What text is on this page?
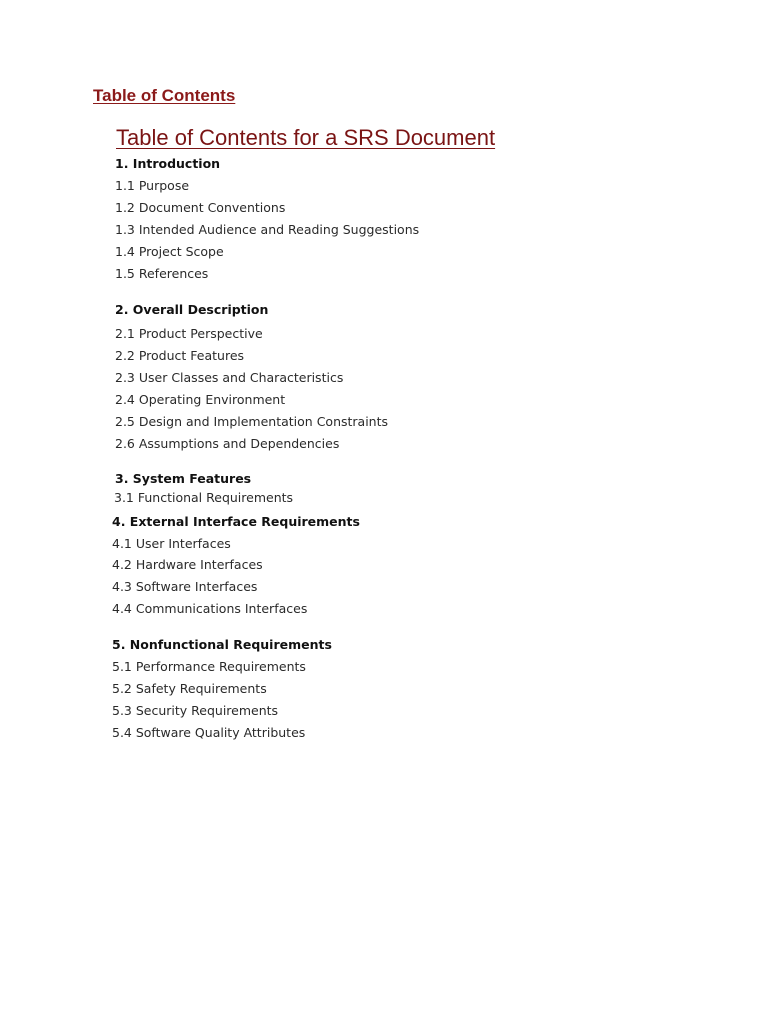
Table of Contents
Table of Contents for a SRS Document
1. Introduction
1.1 Purpose
1.2 Document Conventions
1.3 Intended Audience and Reading Suggestions
1.4 Project Scope
1.5 References
2. Overall Description
2.1 Product Perspective
2.2 Product Features
2.3 User Classes and Characteristics
2.4 Operating Environment
2.5 Design and Implementation Constraints
2.6 Assumptions and Dependencies
3. System Features
3.1 Functional Requirements
4. External Interface Requirements
4.1 User Interfaces
4.2 Hardware Interfaces
4.3 Software Interfaces
4.4 Communications Interfaces
5. Nonfunctional Requirements
5.1 Performance Requirements
5.2 Safety Requirements
5.3 Security Requirements
5.4 Software Quality Attributes
